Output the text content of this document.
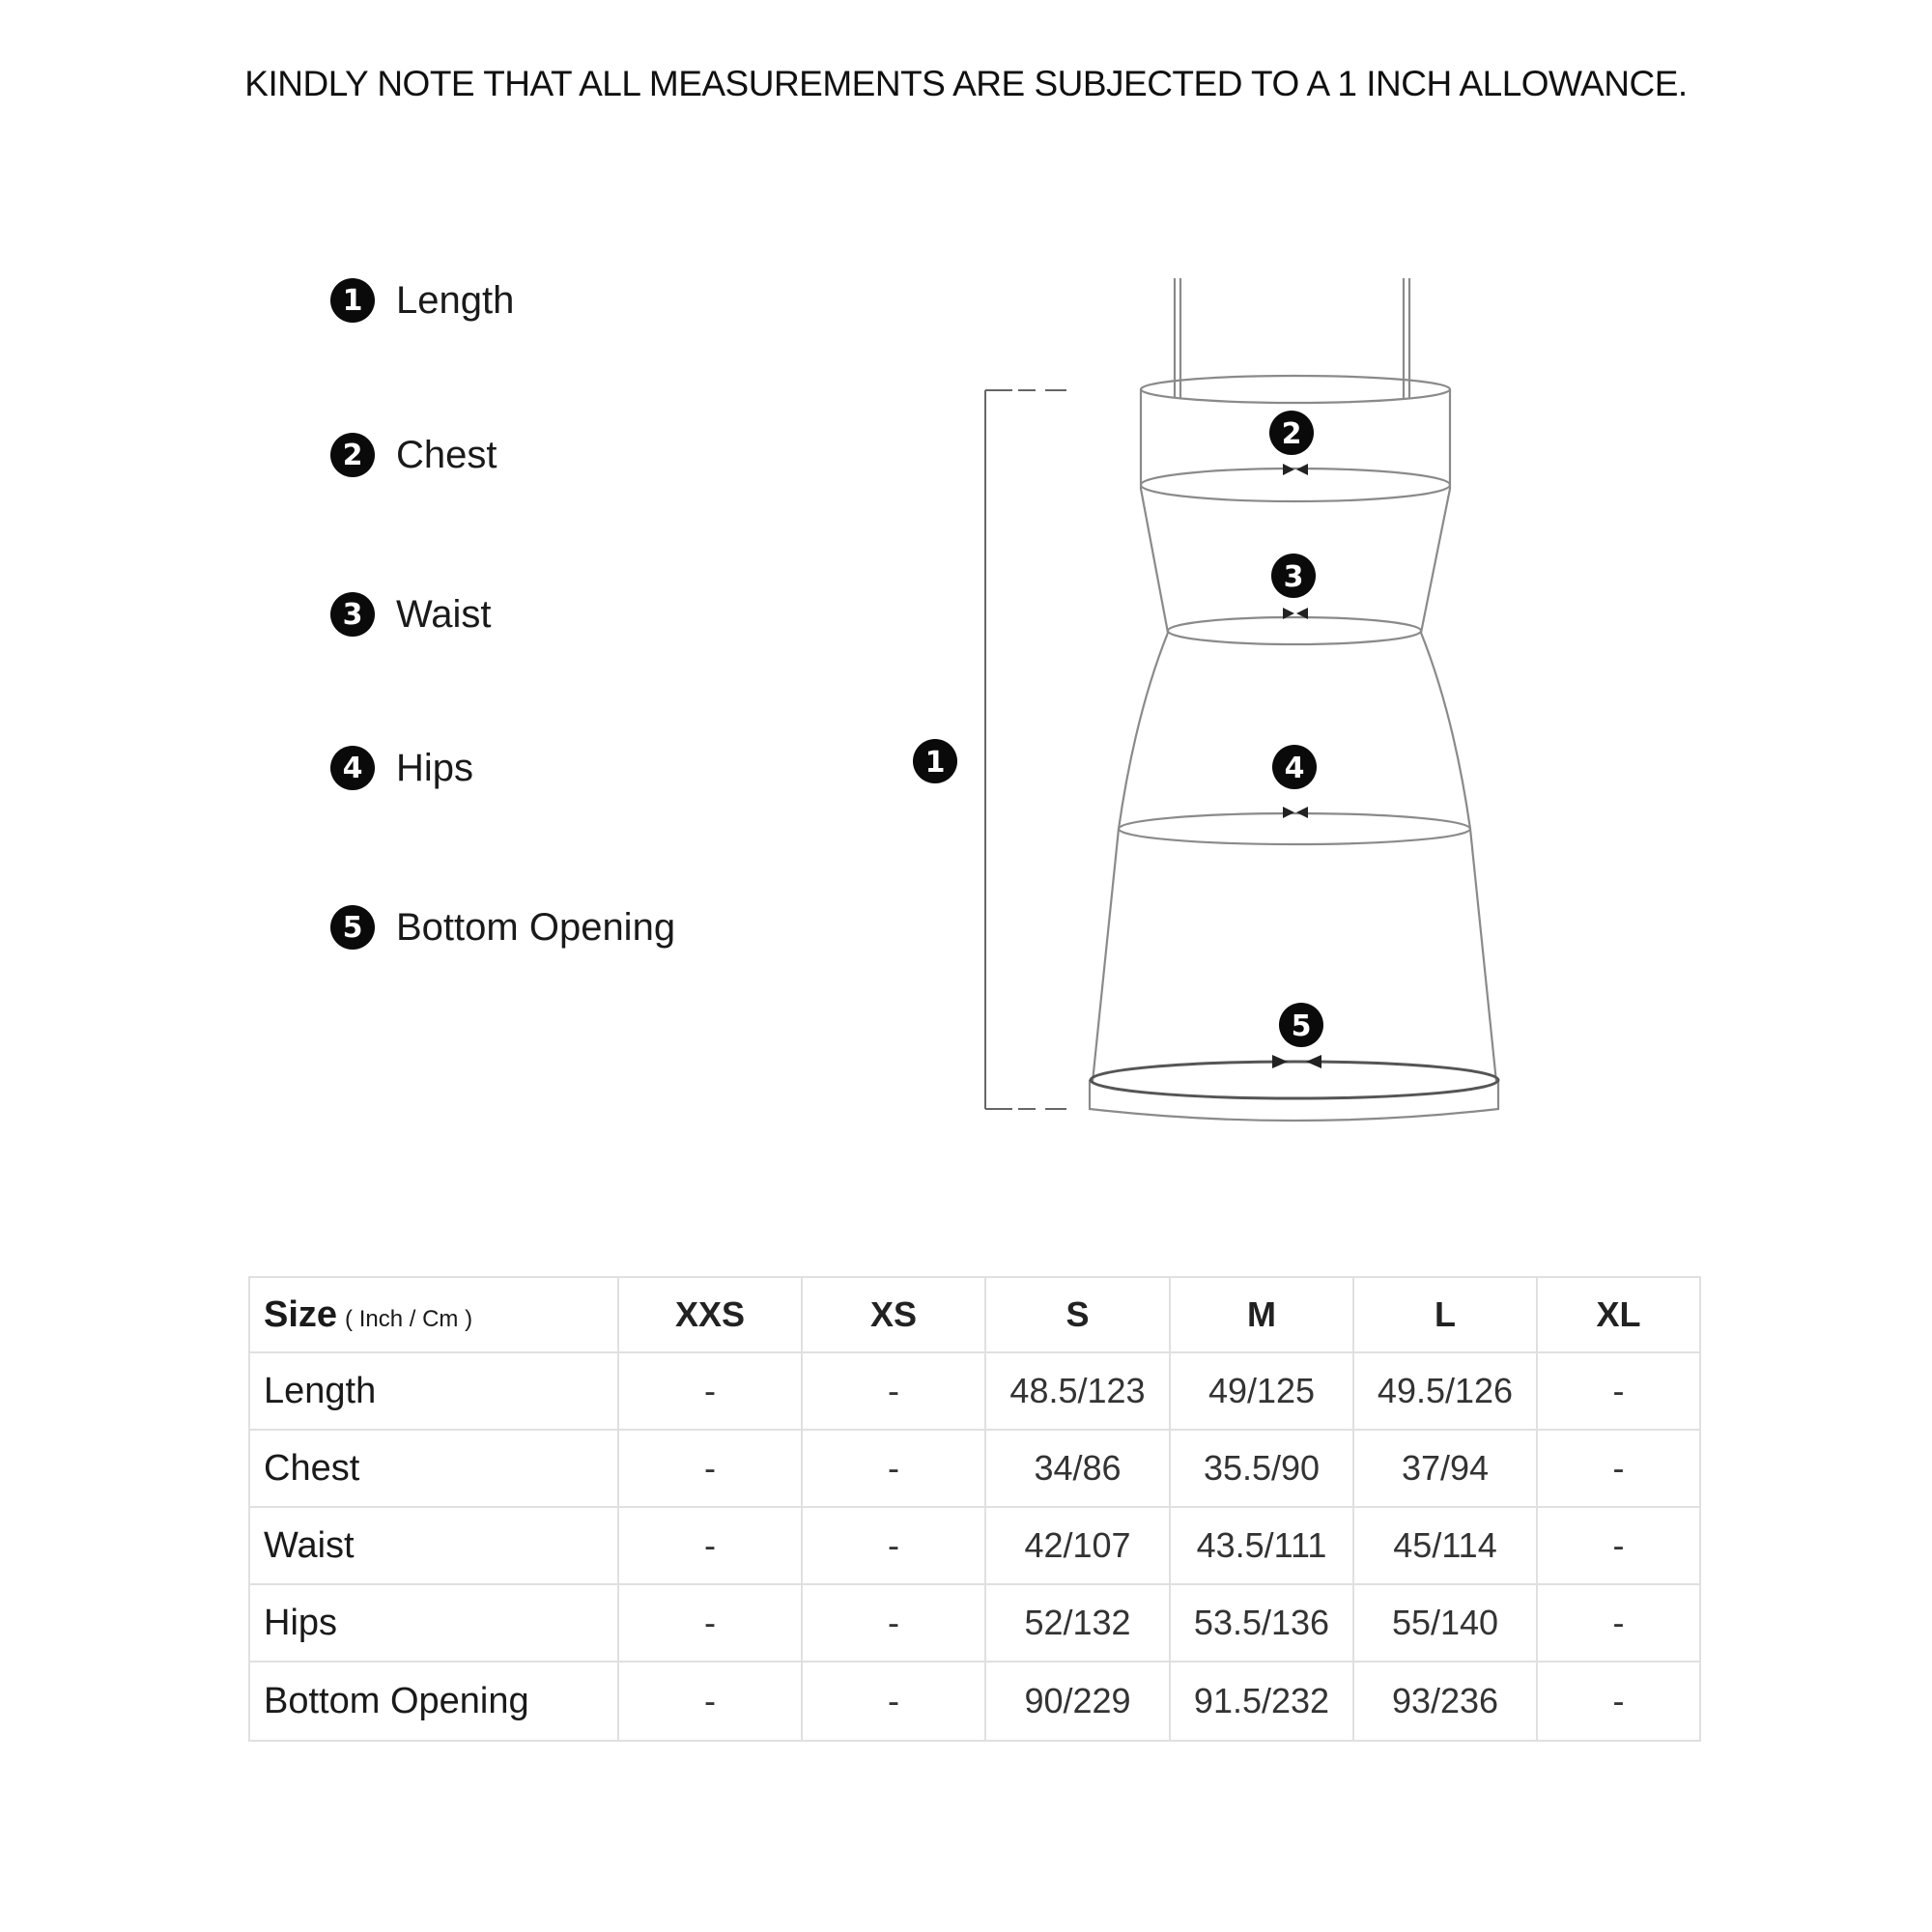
KINDLY NOTE THAT ALL MEASUREMENTS ARE SUBJECTED TO A 1 INCH ALLOWANCE.
1 Length
2 Chest
3 Waist
4 Hips
5 Bottom Opening
1
2
3
4
5
Size ( Inch / Cm )	XXS	XS	S	M	L	XL
Length	-	-	48.5/123	49/125	49.5/126	-
Chest	-	-	34/86	35.5/90	37/94	-
Waist	-	-	42/107	43.5/111	45/114	-
Hips	-	-	52/132	53.5/136	55/140	-
Bottom Opening	-	-	90/229	91.5/232	93/236	-
